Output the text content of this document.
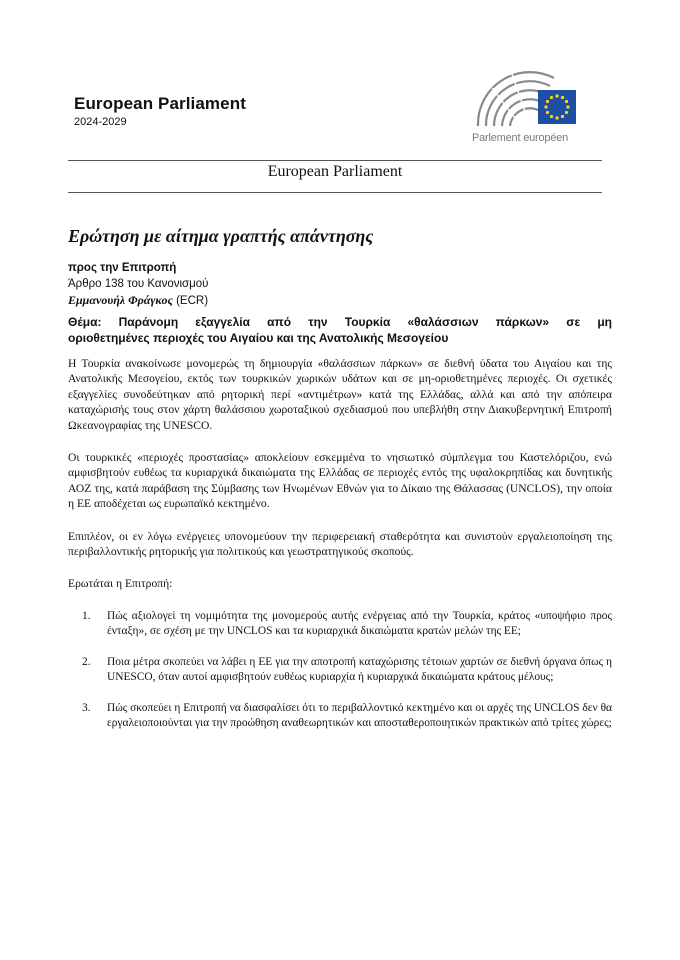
European Parliament
2024-2029
Parlement européen
European Parliament
Ερώτηση με αίτημα γραπτής απάντησης
προς την Επιτροπή
Άρθρο 138 του Κανονισμού
Εμμανουήλ Φράγκος (ECR)
Θέμα: Παράνομη εξαγγελία από την Τουρκία «θαλάσσιων πάρκων» σε μη
οριοθετημένες περιοχές του Αιγαίου και της Ανατολικής Μεσογείου

Η Τουρκία ανακοίνωσε μονομερώς τη δημιουργία «θαλάσσιων πάρκων» σε διεθνή ύδατα του Αιγαίου και της Ανατολικής Μεσογείου, εκτός των τουρκικών χωρικών υδάτων και σε μη-οριοθετημένες περιοχές. Οι σχετικές εξαγγελίες συνοδεύτηκαν από ρητορική περί «αντιμέτρων» κατά της Ελλάδας, αλλά και από την απόπειρα καταχώρισής τους στον χάρτη θαλάσσιου χωροταξικού σχεδιασμού που υπεβλήθη στην Διακυβερνητική Επιτροπή Ωκεανογραφίας της UNESCO.

Οι τουρκικές «περιοχές προστασίας» αποκλείουν εσκεμμένα το νησιωτικό σύμπλεγμα του Καστελόριζου, ενώ αμφισβητούν ευθέως τα κυριαρχικά δικαιώματα της Ελλάδας σε περιοχές εντός της υφαλοκρηπίδας και δυνητικής ΑΟΖ της, κατά παράβαση της Σύμβασης των Ηνωμένων Εθνών για το Δίκαιο της Θάλασσας (UNCLOS), την οποία η ΕΕ αποδέχεται ως ευρωπαϊκό κεκτημένο.

Επιπλέον, οι εν λόγω ενέργειες υπονομεύουν την περιφερειακή σταθερότητα και συνιστούν εργαλειοποίηση της περιβαλλοντικής ρητορικής για πολιτικούς και γεωστρατηγικούς σκοπούς.

Ερωτάται η Επιτροπή:

1. Πώς αξιολογεί τη νομιμότητα της μονομερούς αυτής ενέργειας από την Τουρκία, κράτος «υποψήφιο προς ένταξη», σε σχέση με την UNCLOS και τα κυριαρχικά δικαιώματα κρατών μελών της ΕΕ;
2. Ποια μέτρα σκοπεύει να λάβει η ΕΕ για την αποτροπή καταχώρισης τέτοιων χαρτών σε διεθνή όργανα όπως η UNESCO, όταν αυτοί αμφισβητούν ευθέως κυριαρχία ή κυριαρχικά δικαιώματα κράτους μέλους;
3. Πώς σκοπεύει η Επιτροπή να διασφαλίσει ότι το περιβαλλοντικό κεκτημένο και οι αρχές της UNCLOS δεν θα εργαλειοποιούνται για την προώθηση αναθεωρητικών και αποσταθεροποιητικών πρακτικών από τρίτες χώρες;
